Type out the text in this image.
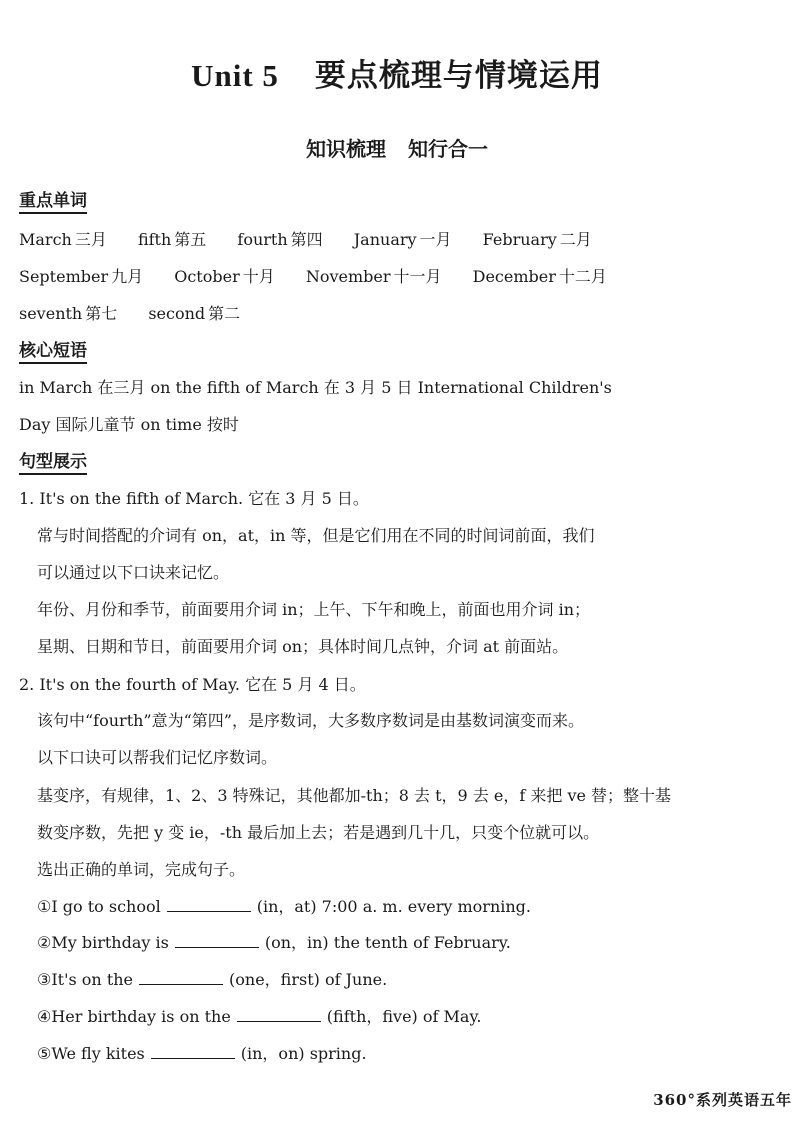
Unit 5 要点梳理与情境运用
知识梳理 知行合一
重点单词
March 三月 fifth 第五 fourth 第四 January 一月 February 二月
September 九月 October 十月 November 十一月 December 十二月
seventh 第七 second 第二
核心短语
in March 在三月 on the fifth of March 在 3 月 5 日 International Children's
Day 国际儿童节 on time 按时
句型展示
1. It's on the fifth of March. 它在 3 月 5 日。
常与时间搭配的介词有 on，at，in 等，但是它们用在不同的时间词前面，我们
可以通过以下口诀来记忆。
年份、月份和季节，前面要用介词 in；上午、下午和晚上，前面也用介词 in；
星期、日期和节日，前面要用介词 on；具体时间几点钟，介词 at 前面站。
2. It's on the fourth of May. 它在 5 月 4 日。
该句中“fourth”意为“第四”，是序数词，大多数序数词是由基数词演变而来。
以下口诀可以帮我们记忆序数词。
基变序，有规律，1、2、3 特殊记，其他都加-th；8 去 t，9 去 e，f 来把 ve 替；整十基
数变序数，先把 y 变 ie，-th 最后加上去；若是遇到几十几，只变个位就可以。
选出正确的单词，完成句子。
①I go to school	(in，at) 7:00 a. m. every morning.
②My birthday is	(on，in) the tenth of February.
③It's on the	(one，first) of June.
④Her birthday is on the	(fifth，five) of May.
⑤We fly kites	(in，on) spring.
360°系列英语五年
